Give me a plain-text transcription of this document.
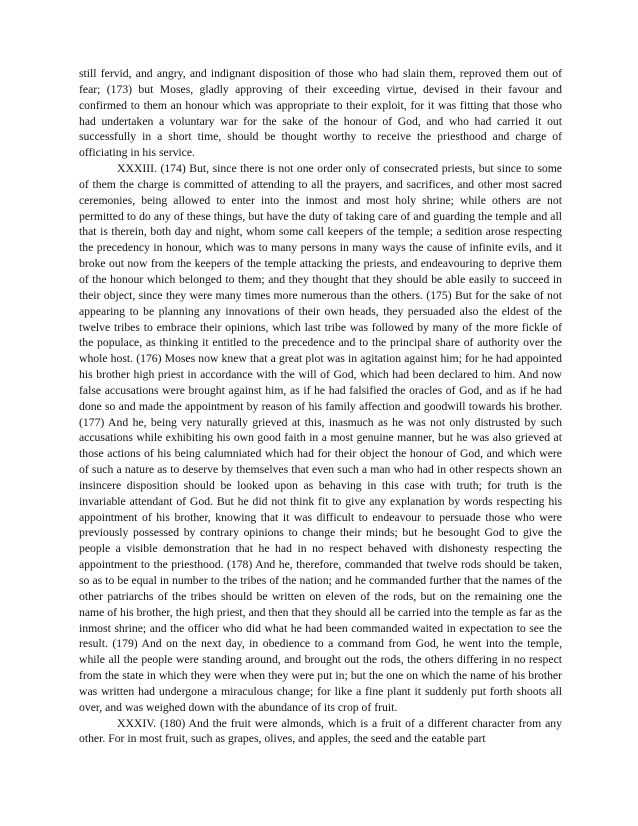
still fervid, and angry, and indignant disposition of those who had slain them, reproved them out of fear; (173) but Moses, gladly approving of their exceeding virtue, devised in their favour and confirmed to them an honour which was appropriate to their exploit, for it was fitting that those who had undertaken a voluntary war for the sake of the honour of God, and who had carried it out successfully in a short time, should be thought worthy to receive the priesthood and charge of officiating in his service.

XXXIII. (174) But, since there is not one order only of consecrated priests, but since to some of them the charge is committed of attending to all the prayers, and sacrifices, and other most sacred ceremonies, being allowed to enter into the inmost and most holy shrine; while others are not permitted to do any of these things, but have the duty of taking care of and guarding the temple and all that is therein, both day and night, whom some call keepers of the temple; a sedition arose respecting the precedency in honour, which was to many persons in many ways the cause of infinite evils, and it broke out now from the keepers of the temple attacking the priests, and endeavouring to deprive them of the honour which belonged to them; and they thought that they should be able easily to succeed in their object, since they were many times more numerous than the others. (175) But for the sake of not appearing to be planning any innovations of their own heads, they persuaded also the eldest of the twelve tribes to embrace their opinions, which last tribe was followed by many of the more fickle of the populace, as thinking it entitled to the precedence and to the principal share of authority over the whole host. (176) Moses now knew that a great plot was in agitation against him; for he had appointed his brother high priest in accordance with the will of God, which had been declared to him. And now false accusations were brought against him, as if he had falsified the oracles of God, and as if he had done so and made the appointment by reason of his family affection and goodwill towards his brother. (177) And he, being very naturally grieved at this, inasmuch as he was not only distrusted by such accusations while exhibiting his own good faith in a most genuine manner, but he was also grieved at those actions of his being calumniated which had for their object the honour of God, and which were of such a nature as to deserve by themselves that even such a man who had in other respects shown an insincere disposition should be looked upon as behaving in this case with truth; for truth is the invariable attendant of God. But he did not think fit to give any explanation by words respecting his appointment of his brother, knowing that it was difficult to endeavour to persuade those who were previously possessed by contrary opinions to change their minds; but he besought God to give the people a visible demonstration that he had in no respect behaved with dishonesty respecting the appointment to the priesthood. (178) And he, therefore, commanded that twelve rods should be taken, so as to be equal in number to the tribes of the nation; and he commanded further that the names of the other patriarchs of the tribes should be written on eleven of the rods, but on the remaining one the name of his brother, the high priest, and then that they should all be carried into the temple as far as the inmost shrine; and the officer who did what he had been commanded waited in expectation to see the result. (179) And on the next day, in obedience to a command from God, he went into the temple, while all the people were standing around, and brought out the rods, the others differing in no respect from the state in which they were when they were put in; but the one on which the name of his brother was written had undergone a miraculous change; for like a fine plant it suddenly put forth shoots all over, and was weighed down with the abundance of its crop of fruit.

XXXIV. (180) And the fruit were almonds, which is a fruit of a different character from any other. For in most fruit, such as grapes, olives, and apples, the seed and the eatable part
